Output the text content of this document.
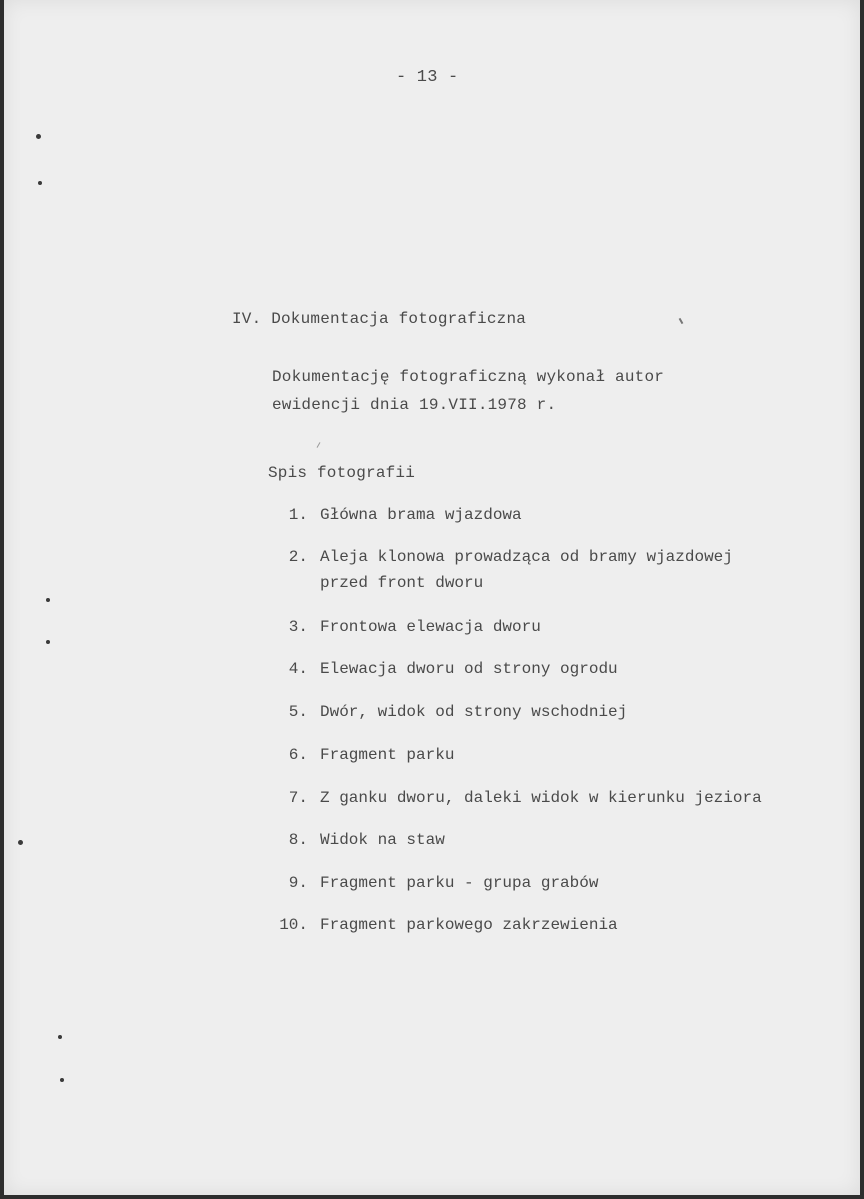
- 13 -
IV. Dokumentacja fotograficzna
Dokumentację fotograficzną wykonał autor
ewidencji dnia 19.VII.1978 r.
Spis fotografii
1. Główna brama wjazdowa
2. Aleja klonowa prowadząca od bramy wjazdowej
przed front dworu
3. Frontowa elewacja dworu
4. Elewacja dworu od strony ogrodu
5. Dwór, widok od strony wschodniej
6. Fragment parku
7. Z ganku dworu, daleki widok w kierunku jeziora
8. Widok na staw
9. Fragment parku - grupa grabów
10. Fragment parkowego zakrzewienia
